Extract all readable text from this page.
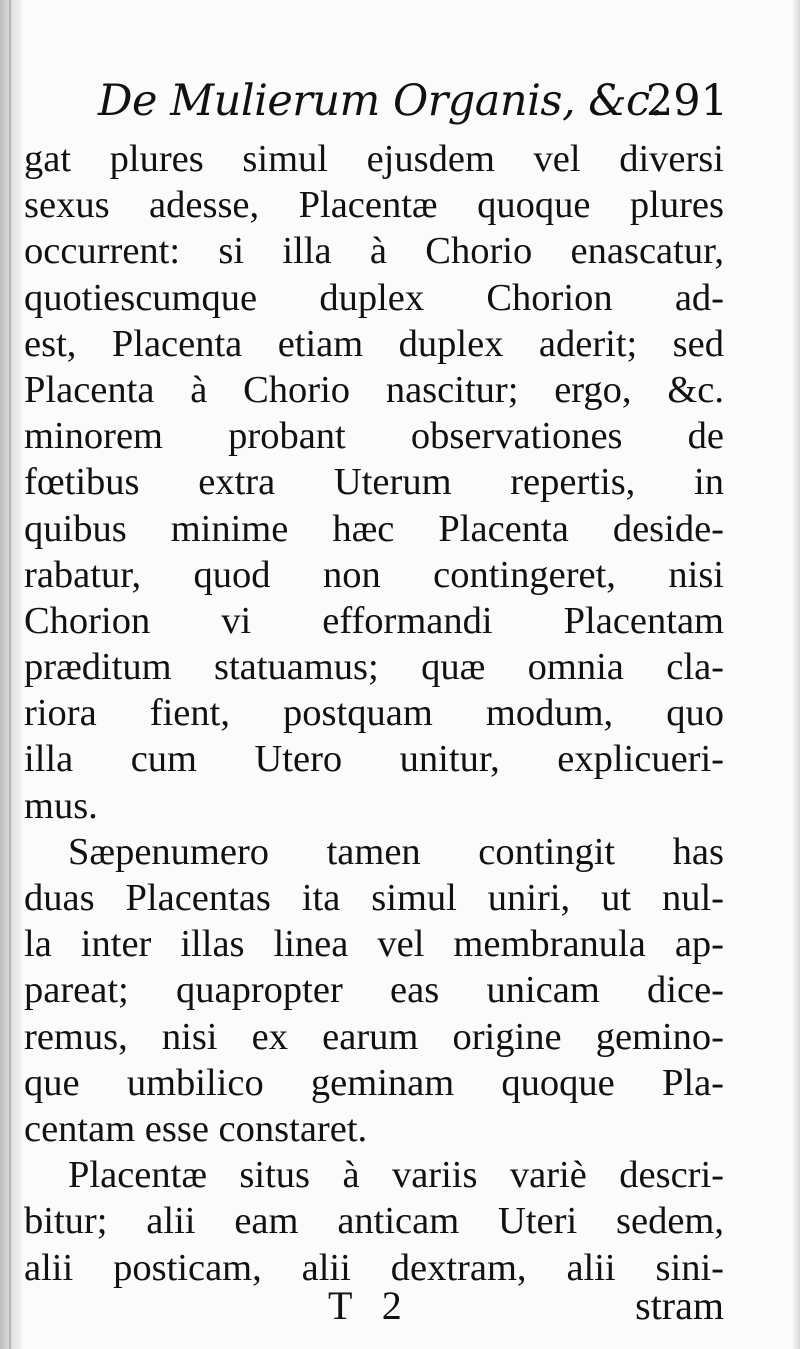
De Mulierum Organis, &c.
291
gat plures simul ejusdem vel diversi
sexus adesse, Placentæ quoque plures
occurrent: si illa à Chorio enascatur,
quotiescumque duplex Chorion ad-
est, Placenta etiam duplex aderit; sed
Placenta à Chorio nascitur; ergo, &c.
minorem probant observationes de
fœtibus extra Uterum repertis, in
quibus minime hæc Placenta deside-
rabatur, quod non contingeret, nisi
Chorion vi efformandi Placentam
præditum statuamus; quæ omnia cla-
riora fient, postquam modum, quo
illa cum Utero unitur, explicueri-
mus.
Sæpenumero tamen contingit has
duas Placentas ita simul uniri, ut nul-
la inter illas linea vel membranula ap-
pareat; quapropter eas unicam dice-
remus, nisi ex earum origine gemino-
que umbilico geminam quoque Pla-
centam esse constaret.
Placentæ situs à variis variè descri-
bitur; alii eam anticam Uteri sedem,
alii posticam, alii dextram, alii sini-
T 2	stram
